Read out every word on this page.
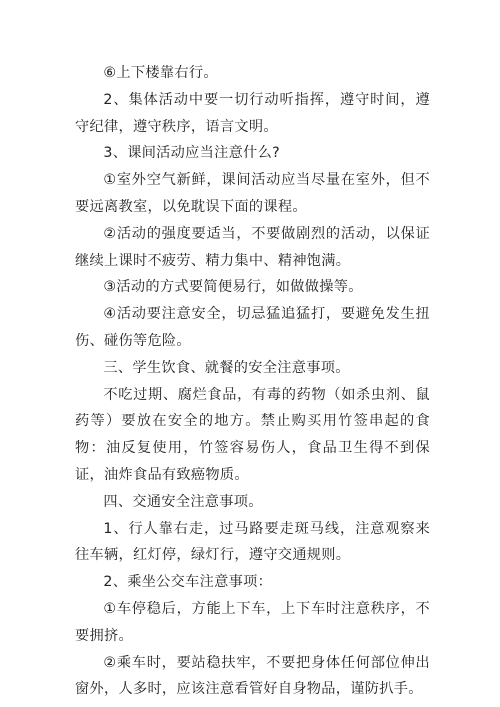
⑥上下楼靠右行。

2、集体活动中要一切行动听指挥，遵守时间，遵守纪律，遵守秩序，语言文明。

3、课间活动应当注意什么?

①室外空气新鲜，课间活动应当尽量在室外，但不要远离教室，以免耽误下面的课程。

②活动的强度要适当，不要做剧烈的活动，以保证继续上课时不疲劳、精力集中、精神饱满。

③活动的方式要简便易行，如做做操等。

④活动要注意安全，切忌猛追猛打，要避免发生扭伤、碰伤等危险。

三、学生饮食、就餐的安全注意事项。

不吃过期、腐烂食品，有毒的药物（如杀虫剂、鼠药等）要放在安全的地方。禁止购买用竹签串起的食物：油反复使用，竹签容易伤人，食品卫生得不到保证，油炸食品有致癌物质。

四、交通安全注意事项。

1、行人靠右走，过马路要走斑马线，注意观察来往车辆，红灯停，绿灯行，遵守交通规则。

2、乘坐公交车注意事项：

①车停稳后，方能上下车，上下车时注意秩序，不要拥挤。

②乘车时，要站稳扶牢，不要把身体任何部位伸出窗外，人多时，应该注意看管好自身物品，谨防扒手。
